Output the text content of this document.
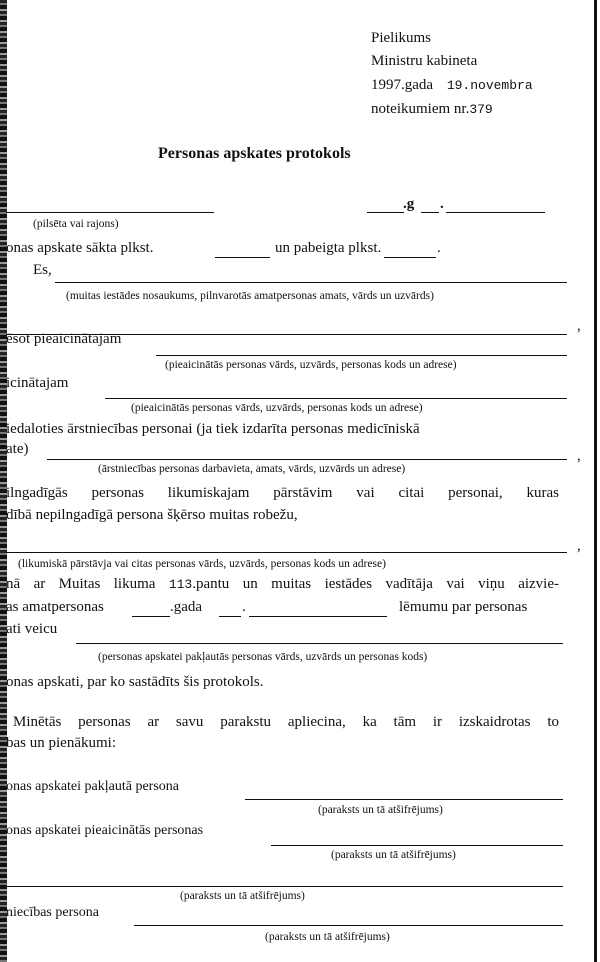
Pielikums
Ministru kabineta
1997.gada 19.novembra
noteikumiem nr.379
Personas apskates protokols
.g .
(pilsēta vai rajons)
onas apskate sākta plkst.	un pabeigta plkst.	.
Es,
(muitas iestādes nosaukums, pilnvarotās amatpersonas amats, vārds un uzvārds)
,
ēsot pieaicinātajam
(pieaicinātās personas vārds, uzvārds, personas kods un adrese)
icinātajam
(pieaicinātās personas vārds, uzvārds, personas kods un adrese)
iedaloties ārstniecības personai (ja tiek izdarīta personas medicīniskā
ate)	,
(ārstniecības personas darbavieta, amats, vārds, uzvārds un adrese)
ilngadīgās personas likumiskajam pārstāvim vai citai personai, kuras
dībā nepilngadīgā persona šķērso muitas robežu,
,
(likumiskā pārstāvja vai citas personas vārds, uzvārds, personas kods un adrese)
nā ar Muitas likuma 113.pantu un muitas iestādes vadītāja vai viņu aizvie-
as amatpersonas	.gada	.	lēmumu par personas
ati veicu
(personas apskatei pakļautās personas vārds, uzvārds un personas kods)
onas apskati, par ko sastādīts šis protokols.
Minētās personas ar savu parakstu apliecina, ka tām ir izskaidrotas to
bas un pienākumi:
onas apskatei pakļautā persona
(paraksts un tā atšifrējums)
onas apskatei pieaicinātās personas
(paraksts un tā atšifrējums)
(paraksts un tā atšifrējums)
niecības persona
(paraksts un tā atšifrējums)
